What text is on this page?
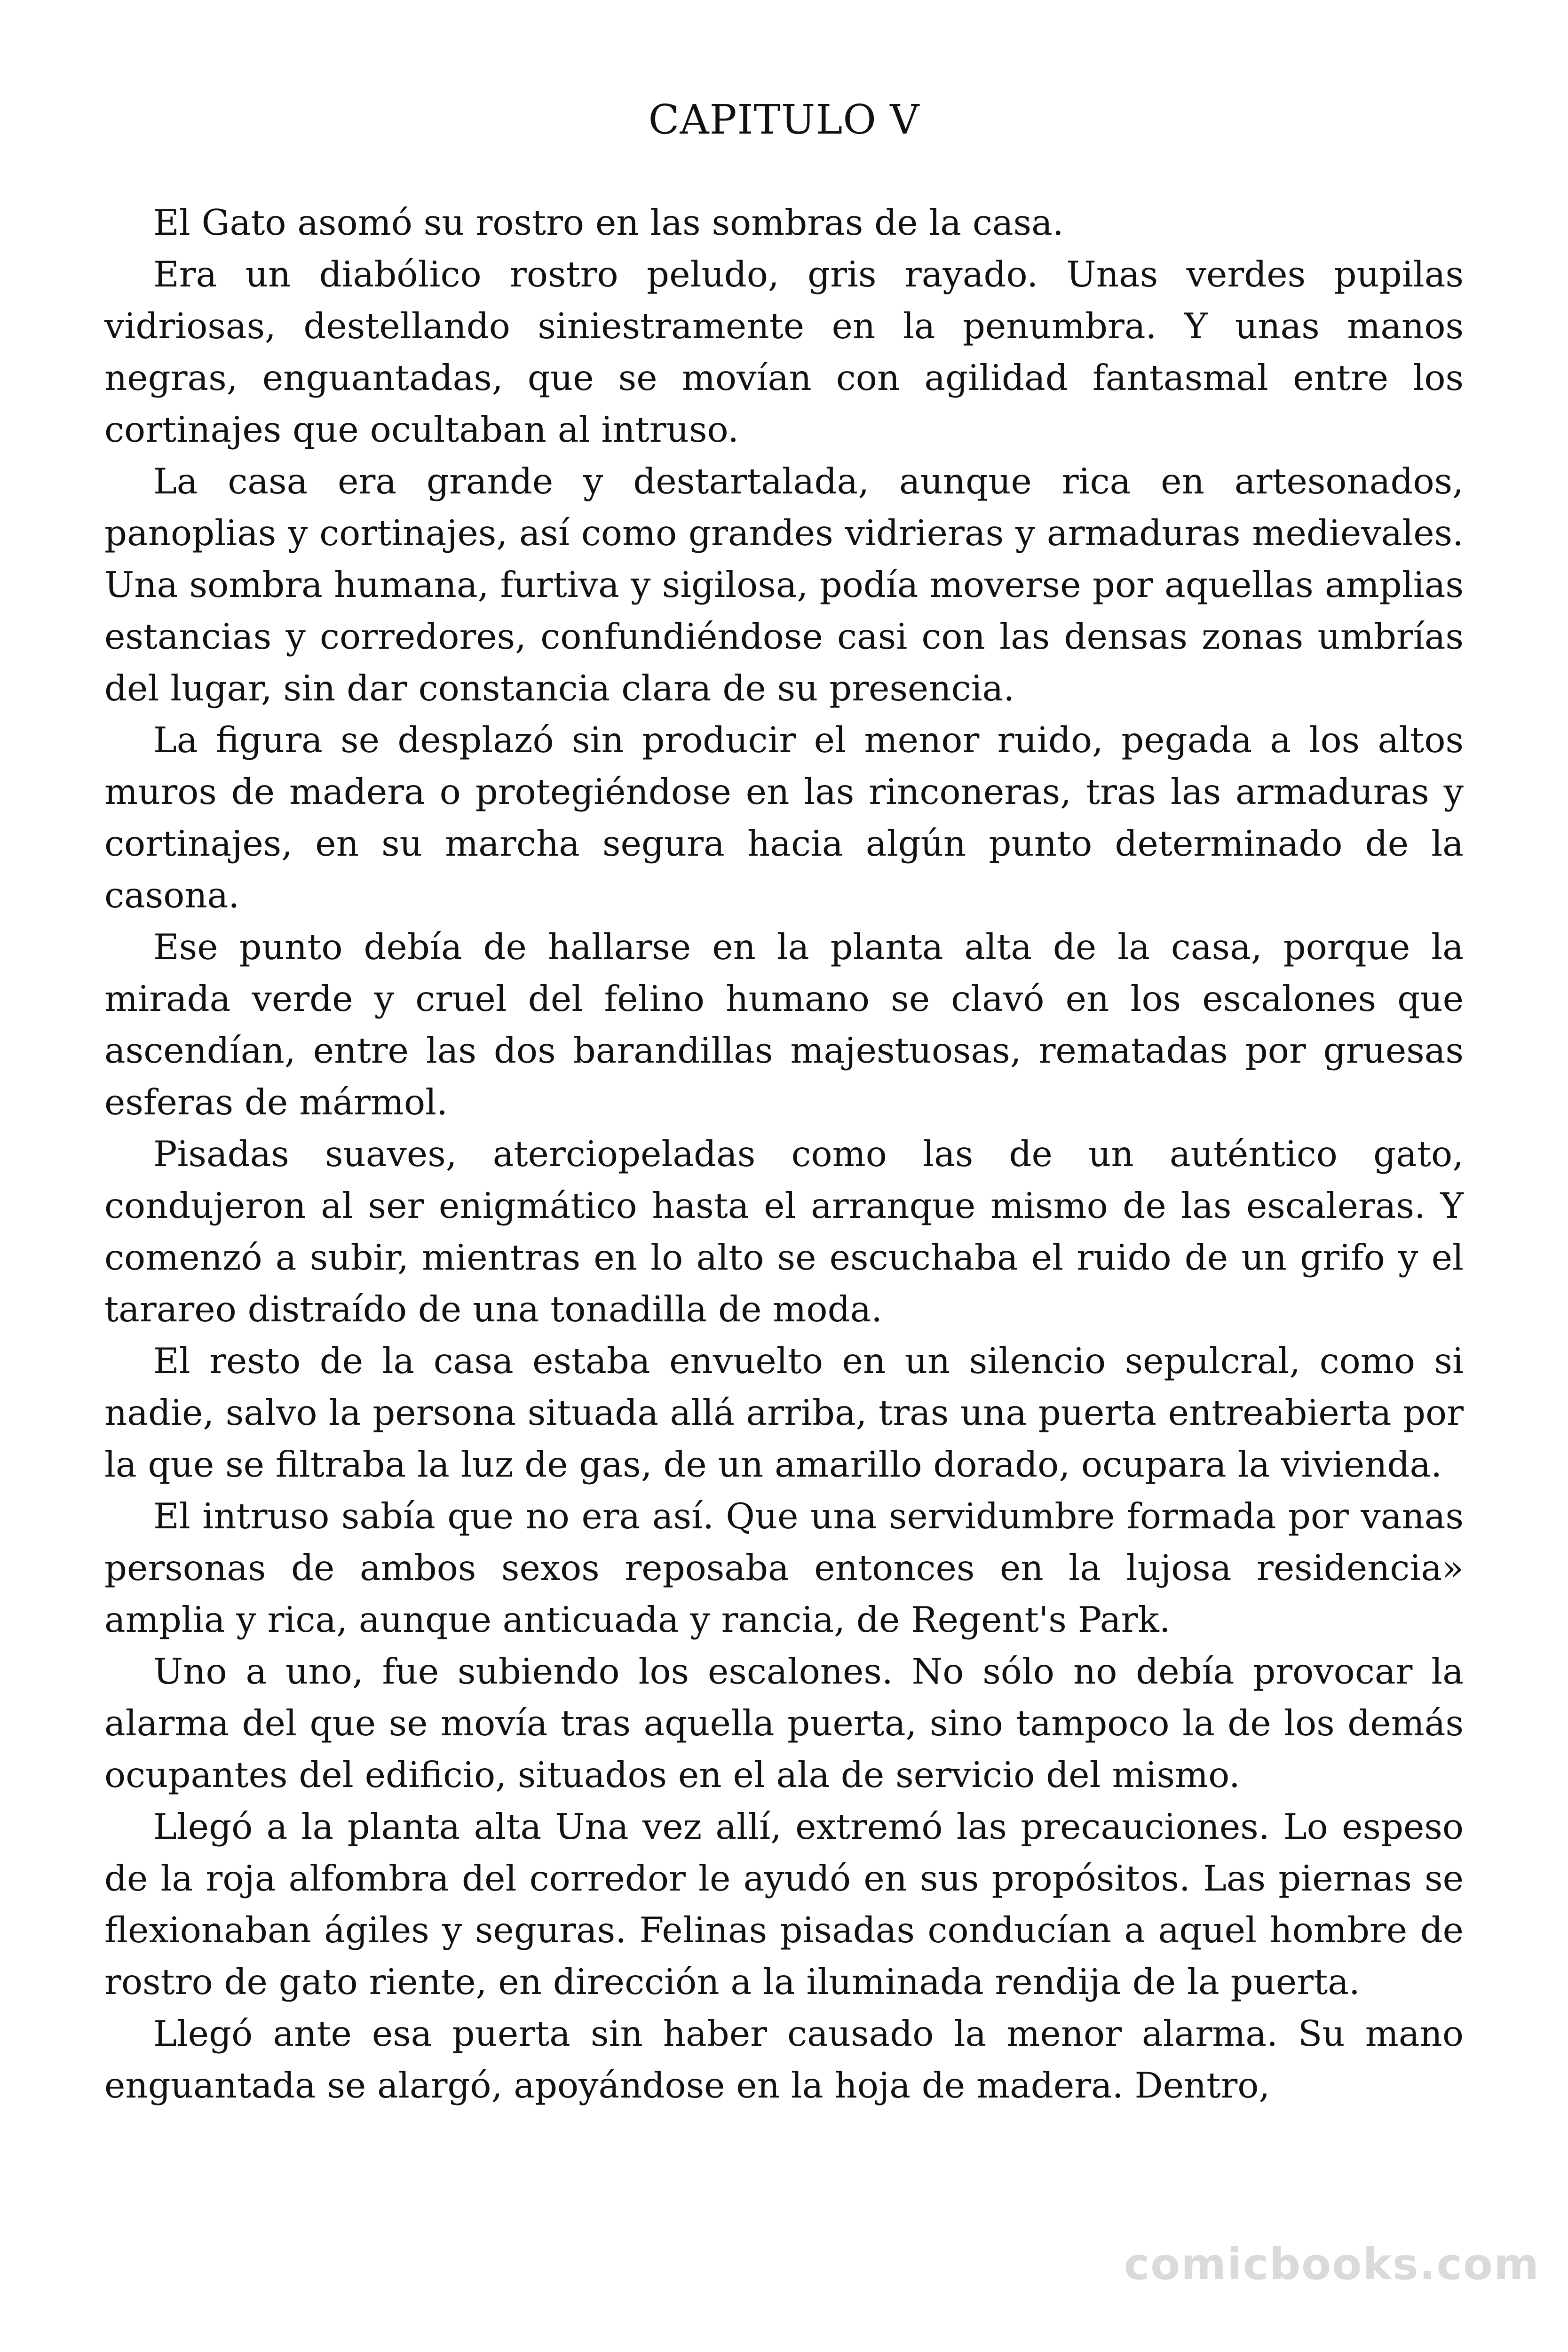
CAPITULO V

El Gato asomó su rostro en las sombras de la casa.

Era un diabólico rostro peludo, gris rayado. Unas verdes pupilas vidriosas, destellando siniestramente en la penumbra. Y unas manos negras, enguantadas, que se movían con agilidad fantasmal entre los cortinajes que ocultaban al intruso.

La casa era grande y destartalada, aunque rica en artesonados, panoplias y cortinajes, así como grandes vidrieras y armaduras medievales. Una sombra humana, furtiva y sigilosa, podía moverse por aquellas amplias estancias y corredores, confundiéndose casi con las densas zonas umbrías del lugar, sin dar constancia clara de su presencia.

La figura se desplazó sin producir el menor ruido, pegada a los altos muros de madera o protegiéndose en las rinconeras, tras las armaduras y cortinajes, en su marcha segura hacia algún punto determinado de la casona.

Ese punto debía de hallarse en la planta alta de la casa, porque la mirada verde y cruel del felino humano se clavó en los escalones que ascendían, entre las dos barandillas majestuosas, rematadas por gruesas esferas de mármol.

Pisadas suaves, aterciopeladas como las de un auténtico gato, condujeron al ser enigmático hasta el arranque mismo de las escaleras. Y comenzó a subir, mientras en lo alto se escuchaba el ruido de un grifo y el tarareo distraído de una tonadilla de moda.

El resto de la casa estaba envuelto en un silencio sepulcral, como si nadie, salvo la persona situada allá arriba, tras una puerta entreabierta por la que se filtraba la luz de gas, de un amarillo dorado, ocupara la vivienda.

El intruso sabía que no era así. Que una servidumbre formada por vanas personas de ambos sexos reposaba entonces en la lujosa residencia» amplia y rica, aunque anticuada y rancia, de Regent's Park.

Uno a uno, fue subiendo los escalones. No sólo no debía provocar la alarma del que se movía tras aquella puerta, sino tampoco la de los demás ocupantes del edificio, situados en el ala de servicio del mismo.

Llegó a la planta alta Una vez allí, extremó las precauciones. Lo espeso de la roja alfombra del corredor le ayudó en sus propósitos. Las piernas se flexionaban ágiles y seguras. Felinas pisadas conducían a aquel hombre de rostro de gato riente, en dirección a la iluminada rendija de la puerta.

Llegó ante esa puerta sin haber causado la menor alarma. Su mano enguantada se alargó, apoyándose en la hoja de madera. Dentro,

comicbooks.com
